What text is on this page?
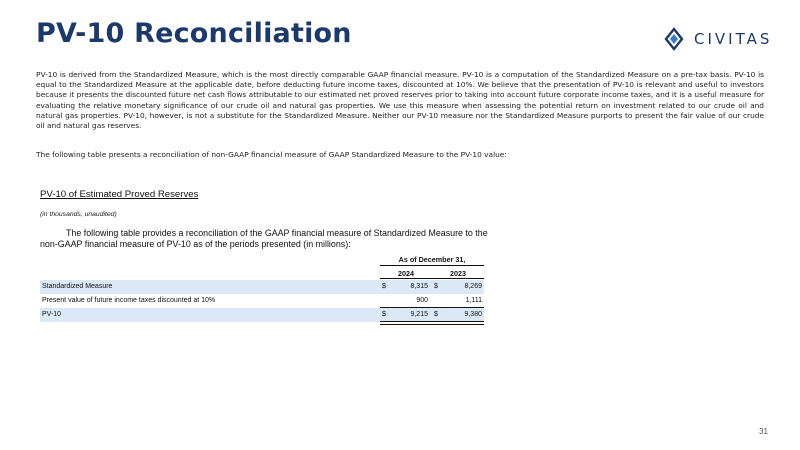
PV-10 Reconciliation	CIVITAS

PV-10 is derived from the Standardized Measure, which is the most directly comparable GAAP financial measure. PV-10 is a computation of the Standardized Measure on a pre-tax basis. PV-10 is equal to the Standardized Measure at the applicable date, before deducting future income taxes, discounted at 10%. We believe that the presentation of PV-10 is relevant and useful to investors because it presents the discounted future net cash flows attributable to our estimated net proved reserves prior to taking into account future corporate income taxes, and it is a useful measure for evaluating the relative monetary significance of our crude oil and natural gas properties. We use this measure when assessing the potential return on investment related to our crude oil and natural gas properties. PV-10, however, is not a substitute for the Standardized Measure. Neither our PV-10 measure nor the Standardized Measure purports to present the fair value of our crude oil and natural gas reserves.

The following table presents a reconciliation of non-GAAP financial measure of GAAP Standardized Measure to the PV-10 value:

PV-10 of Estimated Proved Reserves
(in thousands, unaudited)

The following table provides a reconciliation of the GAAP financial measure of Standardized Measure to the non-GAAP financial measure of PV-10 as of the periods presented (in millions):

As of December 31,
2024	2023
Standardized Measure	$	8,315 $	8,269
Present value of future income taxes discounted at 10%	900	1,111
PV-10	$	9,215 $	9,380
31
